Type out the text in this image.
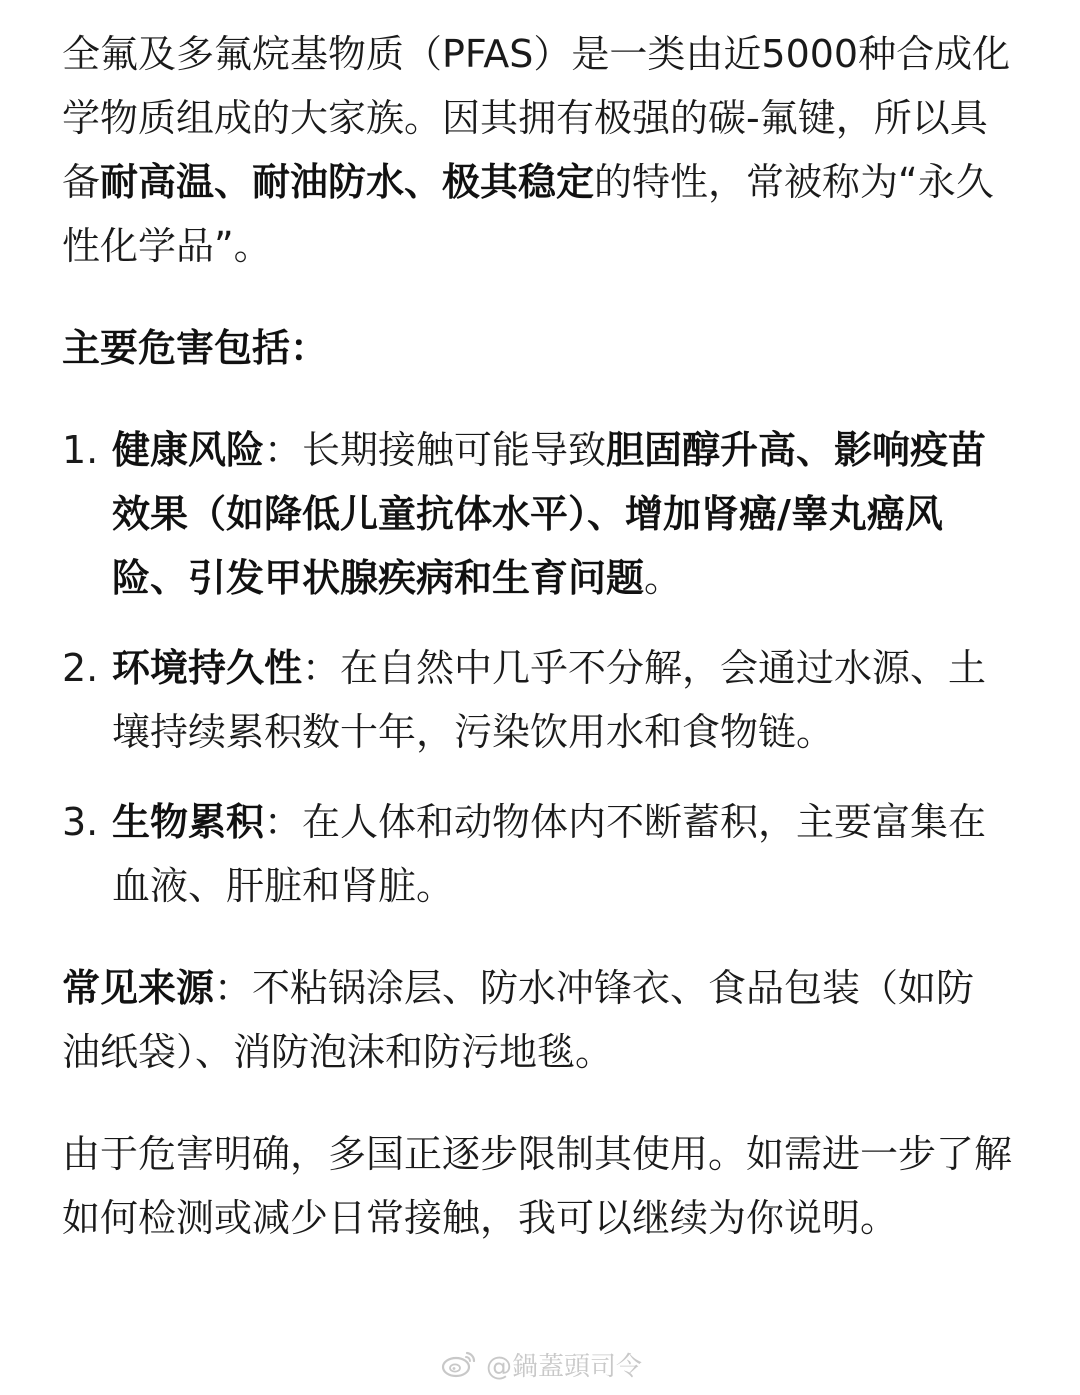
全氟及多氟烷基物质（PFAS）是一类由近5000种合成化学物质组成的大家族。因其拥有极强的碳-氟键，所以具备耐高温、耐油防水、极其稳定的特性，常被称为“永久性化学品”。

主要危害包括：

1. 健康风险：长期接触可能导致胆固醇升高、影响疫苗效果（如降低儿童抗体水平）、增加肾癌/睾丸癌风险、引发甲状腺疾病和生育问题。
2. 环境持久性：在自然中几乎不分解，会通过水源、土壤持续累积数十年，污染饮用水和食物链。
3. 生物累积：在人体和动物体内不断蓄积，主要富集在血液、肝脏和肾脏。

常见来源：不粘锅涂层、防水冲锋衣、食品包装（如防油纸袋）、消防泡沫和防污地毯。

由于危害明确，多国正逐步限制其使用。如需进一步了解如何检测或减少日常接触，我可以继续为你说明。

@鍋蓋頭司令
